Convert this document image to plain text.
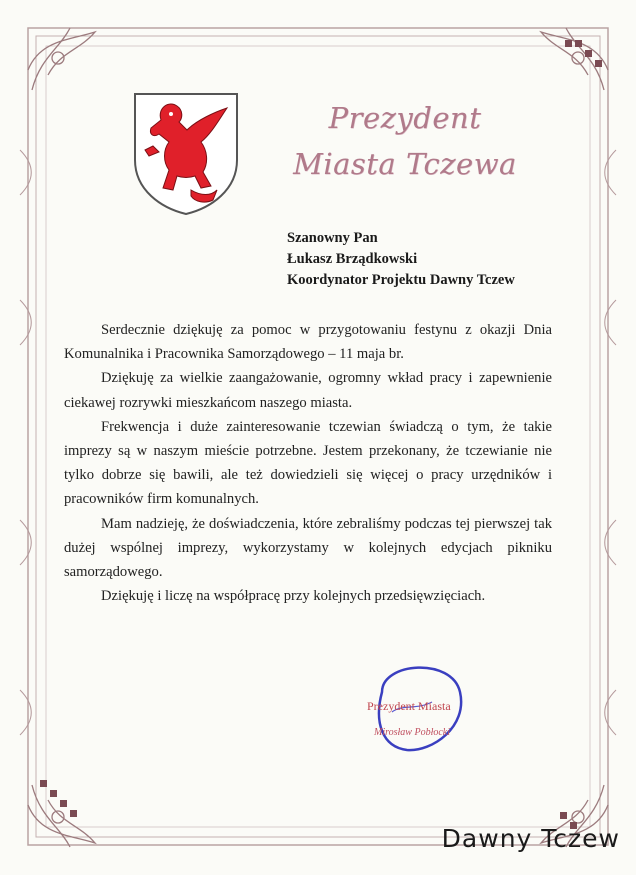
Prezydent
Miasta Tczewa
Szanowny Pan
Łukasz Brządkowski
Koordynator Projektu Dawny Tczew

Serdecznie dziękuję za pomoc w przygotowaniu festynu z okazji Dnia Komunalnika i Pracownika Samorządowego – 11 maja br.

Dziękuję za wielkie zaangażowanie, ogromny wkład pracy i zapewnienie ciekawej rozrywki mieszkańcom naszego miasta.

Frekwencja i duże zainteresowanie tczewian świadczą o tym, że takie imprezy są w naszym mieście potrzebne. Jestem przekonany, że tczewianie nie tylko dobrze się bawili, ale też dowiedzieli się więcej o pracy urzędników i pracowników firm komunalnych.

Mam nadzieję, że doświadczenia, które zebraliśmy podczas tej pierwszej tak dużej wspólnej imprezy, wykorzystamy w kolejnych edycjach pikniku samorządowego.

Dziękuję i liczę na współpracę przy kolejnych przedsięwzięciach.

Prezydent Miasta
Mirosław Pobłocki
Dawny Tczew
